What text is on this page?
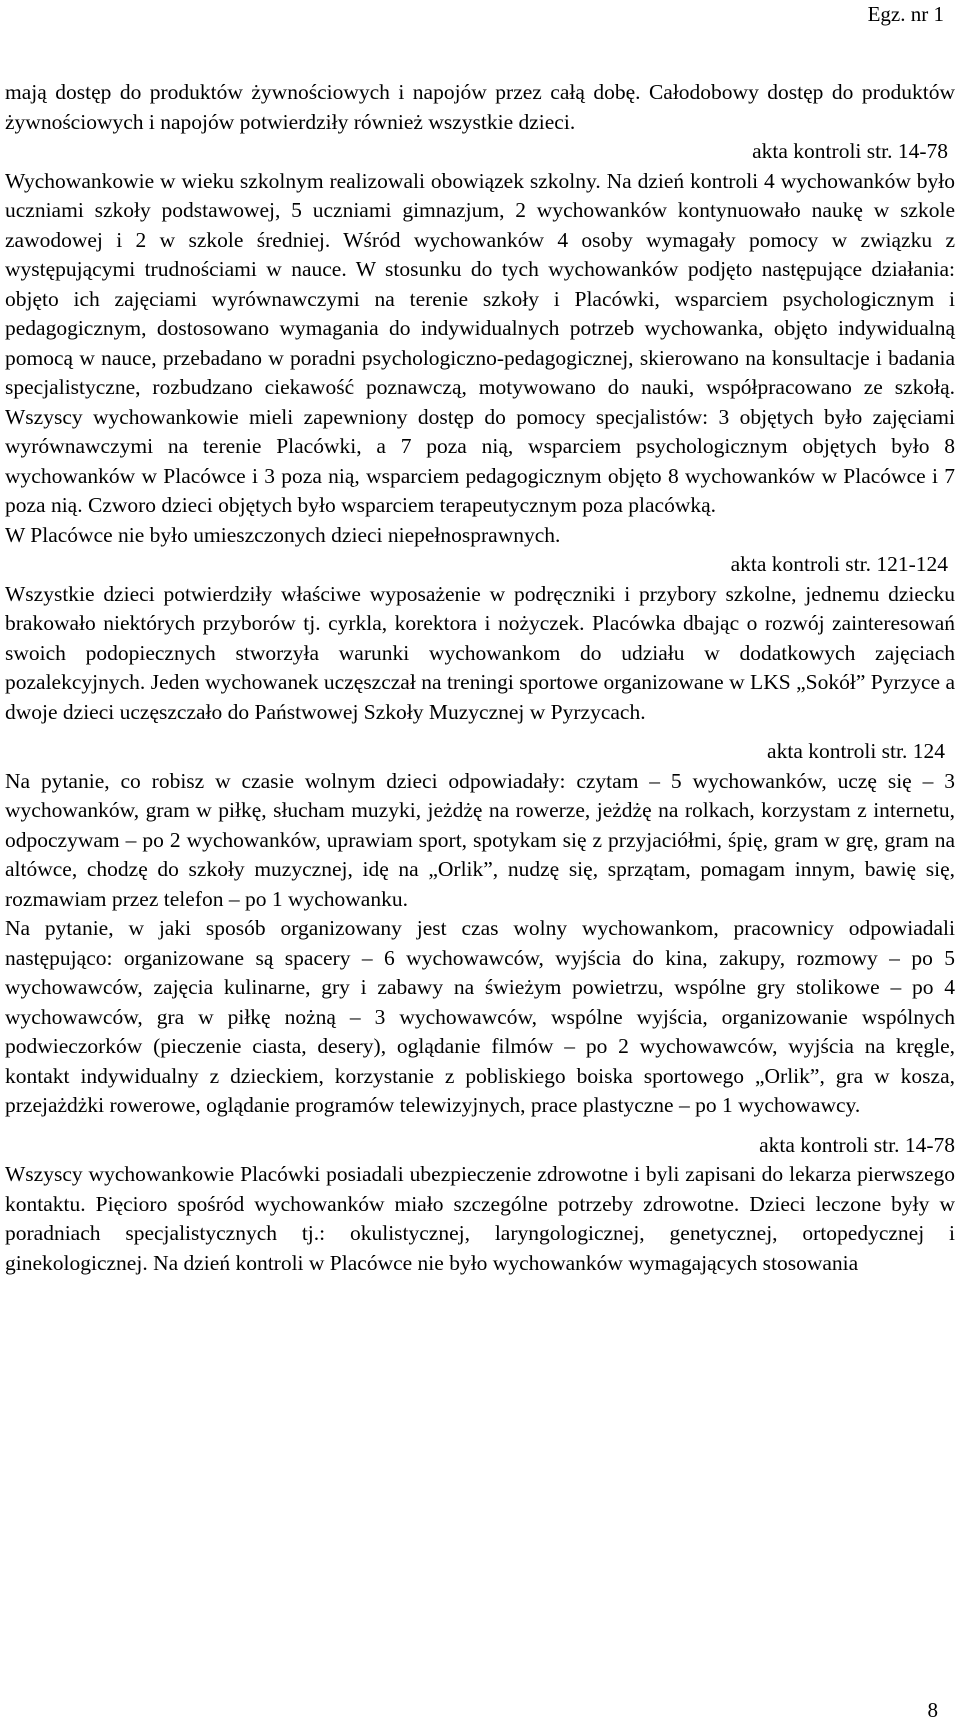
Egz. nr 1

mają dostęp do produktów żywnościowych i napojów przez całą dobę. Całodobowy dostęp do produktów żywnościowych i napojów potwierdziły również wszystkie dzieci.

akta kontroli str. 14-78

Wychowankowie w wieku szkolnym realizowali obowiązek szkolny. Na dzień kontroli 4 wychowanków było uczniami szkoły podstawowej, 5 uczniami gimnazjum, 2 wychowanków kontynuowało naukę w szkole zawodowej i 2 w szkole średniej. Wśród wychowanków 4 osoby wymagały pomocy w związku z występującymi trudnościami w nauce. W stosunku do tych wychowanków podjęto następujące działania: objęto ich zajęciami wyrównawczymi na terenie szkoły i Placówki, wsparciem psychologicznym i pedagogicznym, dostosowano wymagania do indywidualnych potrzeb wychowanka, objęto indywidualną pomocą w nauce, przebadano w poradni psychologiczno-pedagogicznej, skierowano na konsultacje i badania specjalistyczne, rozbudzano ciekawość poznawczą, motywowano do nauki, współpracowano ze szkołą. Wszyscy wychowankowie mieli zapewniony dostęp do pomocy specjalistów: 3 objętych było zajęciami wyrównawczymi na terenie Placówki, a 7 poza nią, wsparciem psychologicznym objętych było 8 wychowanków w Placówce i 3 poza nią, wsparciem pedagogicznym objęto 8 wychowanków w Placówce i 7 poza nią. Czworo dzieci objętych było wsparciem terapeutycznym poza placówką.

W Placówce nie było umieszczonych dzieci niepełnosprawnych.

akta kontroli str. 121-124

Wszystkie dzieci potwierdziły właściwe wyposażenie w podręczniki i przybory szkolne, jednemu dziecku brakowało niektórych przyborów tj. cyrkla, korektora i nożyczek. Placówka dbając o rozwój zainteresowań swoich podopiecznych stworzyła warunki wychowankom do udziału w dodatkowych zajęciach pozalekcyjnych. Jeden wychowanek uczęszczał na treningi sportowe organizowane w LKS „Sokół” Pyrzyce a dwoje dzieci uczęszczało do Państwowej Szkoły Muzycznej w Pyrzycach.

akta kontroli str. 124

Na pytanie, co robisz w czasie wolnym dzieci odpowiadały: czytam – 5 wychowanków, uczę się – 3 wychowanków, gram w piłkę, słucham muzyki, jeżdżę na rowerze, jeżdżę na rolkach, korzystam z internetu, odpoczywam – po 2 wychowanków, uprawiam sport, spotykam się z przyjaciółmi, śpię, gram w grę, gram na altówce, chodzę do szkoły muzycznej, idę na „Orlik”, nudzę się, sprzątam, pomagam innym, bawię się, rozmawiam przez telefon – po 1 wychowanku.

Na pytanie, w jaki sposób organizowany jest czas wolny wychowankom, pracownicy odpowiadali następująco: organizowane są spacery – 6 wychowawców, wyjścia do kina, zakupy, rozmowy – po 5 wychowawców, zajęcia kulinarne, gry i zabawy na świeżym powietrzu, wspólne gry stolikowe – po 4 wychowawców, gra w piłkę nożną – 3 wychowawców, wspólne wyjścia, organizowanie wspólnych podwieczorków (pieczenie ciasta, desery), oglądanie filmów – po 2 wychowawców, wyjścia na kręgle, kontakt indywidualny z dzieckiem, korzystanie z pobliskiego boiska sportowego „Orlik”, gra w kosza, przejażdżki rowerowe, oglądanie programów telewizyjnych, prace plastyczne – po 1 wychowawcy.

akta kontroli str. 14-78

Wszyscy wychowankowie Placówki posiadali ubezpieczenie zdrowotne i byli zapisani do lekarza pierwszego kontaktu. Pięcioro spośród wychowanków miało szczególne potrzeby zdrowotne. Dzieci leczone były w poradniach specjalistycznych tj.: okulistycznej, laryngologicznej, genetycznej, ortopedycznej i ginekologicznej. Na dzień kontroli w Placówce nie było wychowanków wymagających stosowania

8
